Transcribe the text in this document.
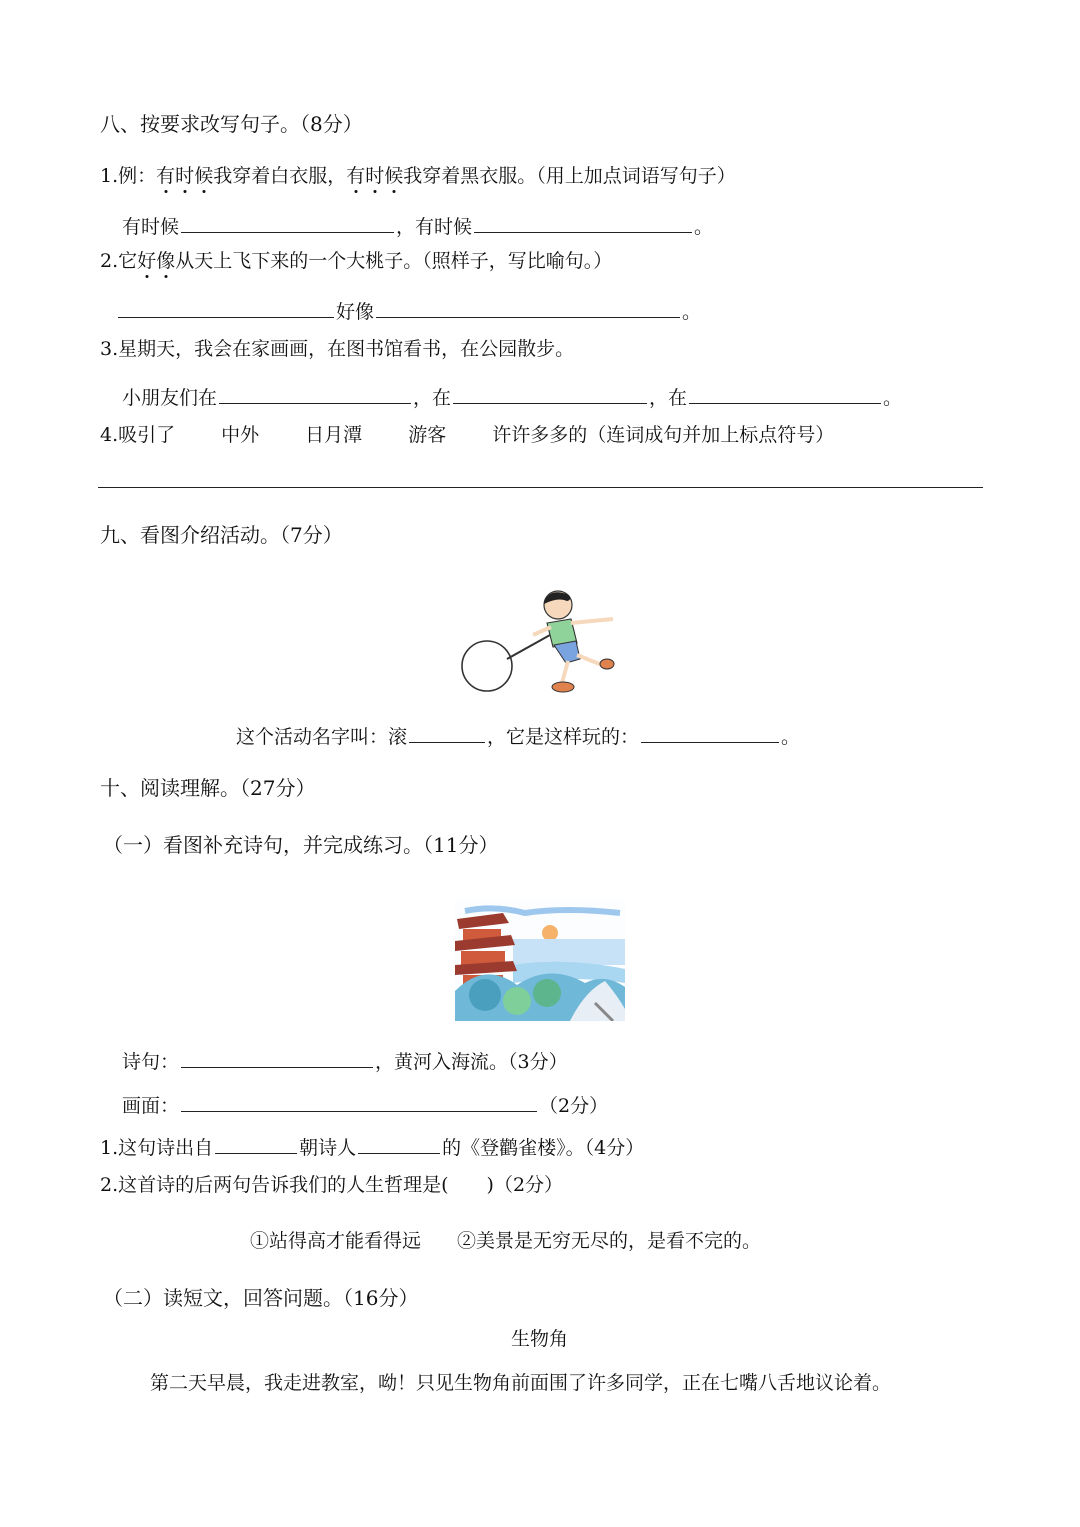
八、按要求改写句子。（8分）
1.例：有时候我穿着白衣服，有时候我穿着黑衣服。（用上加点词语写句子）
有时候	，有时候	。
2.它好像从天上飞下来的一个大桃子。（照样子，写比喻句。）
好像	。
3.星期天，我会在家画画，在图书馆看书，在公园散步。
小朋友们在	，在	，在	。
4.吸引了 中外 日月潭 游客 许许多多的（连词成句并加上标点符号）
九、看图介绍活动。（7分）
这个活动名字叫：滚	，它是这样玩的：	。
十、阅读理解。（27分）
（一）看图补充诗句，并完成练习。（11分）
诗句：	，黄河入海流。（3分）
画面：	（2分）
1.这句诗出自	朝诗人	的《登鹳雀楼》。（4分）
2.这首诗的后两句告诉我们的人生哲理是(　　)（2分）
①站得高才能看得远 ②美景是无穷无尽的，是看不完的。
（二）读短文，回答问题。（16分）
生物角
第二天早晨，我走进教室，呦！只见生物角前面围了许多同学，正在七嘴八舌地议论着。
